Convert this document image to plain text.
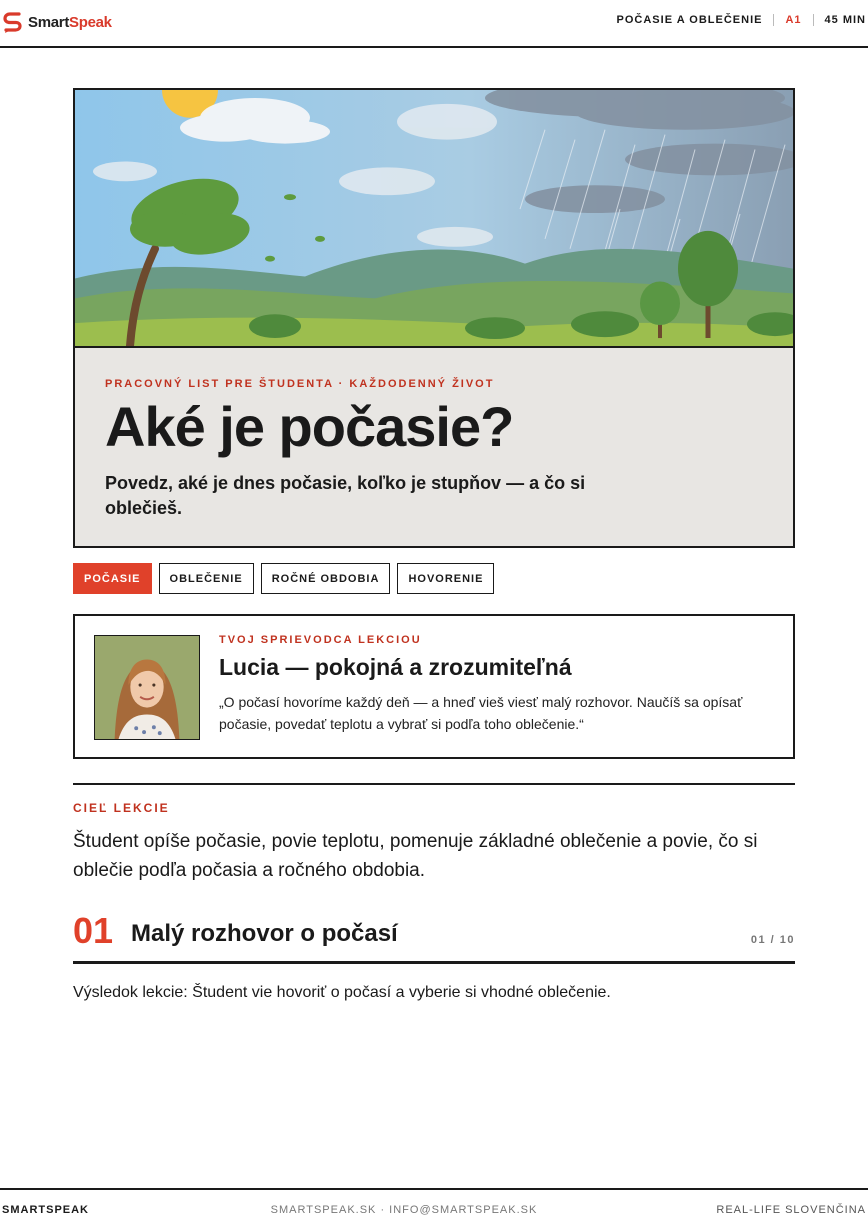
SmartSpeak	POČASIE A OBLEČENIE A1 45 MIN
PRACOVNÝ LIST PRE ŠTUDENTA · KAŽDODENNÝ ŽIVOT
Aké je počasie?

Povedz, aké je dnes počasie, koľko je stupňov — a čo si oblečieš.

POČASIE	OBLEČENIE	ROČNÉ OBDOBIA	HOVORENIE
TVOJ SPRIEVODCA LEKCIOU
Lucia — pokojná a zrozumiteľná

„O počasí hovoríme každý deň — a hneď vieš viesť malý rozhovor. Naučíš sa opísať počasie, povedať teplotu a vybrať si podľa toho oblečenie.“

CIEĽ LEKCIE

Študent opíše počasie, povie teplotu, pomenuje základné oblečenie a povie, čo si oblečie podľa počasia a ročného obdobia.

01 Malý rozhovor o počasí	01 / 10

Výsledok lekcie: Študent vie hovoriť o počasí a vyberie si vhodné oblečenie.

SMARTSPEAK	SMARTSPEAK.SK · INFO@SMARTSPEAK.SK	REAL-LIFE SLOVENČINA
